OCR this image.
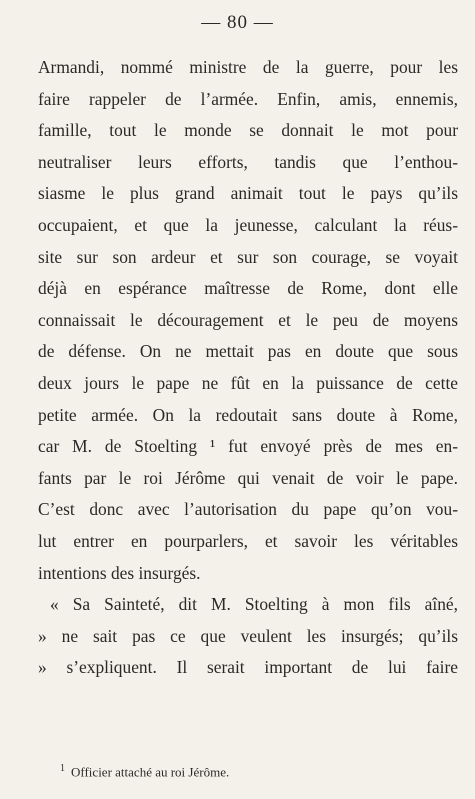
— 80 —
Armandi, nommé ministre de la guerre, pour les
faire rappeler de l’armée. Enfin, amis, ennemis,
famille, tout le monde se donnait le mot pour
neutraliser leurs efforts, tandis que l’enthou-
siasme le plus grand animait tout le pays qu’ils
occupaient, et que la jeunesse, calculant la réus-
site sur son ardeur et sur son courage, se voyait
déjà en espérance maîtresse de Rome, dont elle
connaissait le découragement et le peu de moyens
de défense. On ne mettait pas en doute que sous
deux jours le pape ne fût en la puissance de cette
petite armée. On la redoutait sans doute à Rome,
car M. de Stoelting ¹ fut envoyé près de mes en-
fants par le roi Jérôme qui venait de voir le pape.
C’est donc avec l’autorisation du pape qu’on vou-
lut entrer en pourparlers, et savoir les véritables
intentions des insurgés.
« Sa Sainteté, dit M. Stoelting à mon fils aîné,
» ne sait pas ce que veulent les insurgés; qu’ils
» s’expliquent. Il serait important de lui faire
$^1$ Officier attaché au roi Jérôme.
